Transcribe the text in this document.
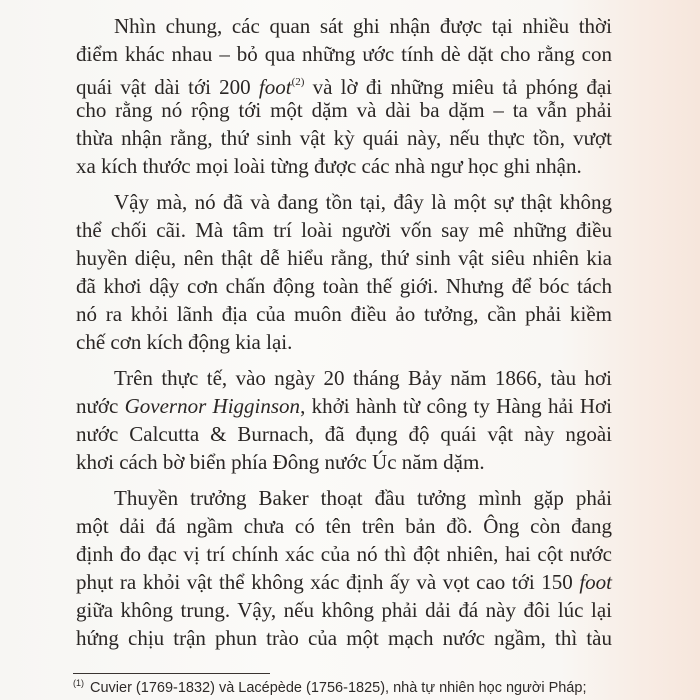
Nhìn chung, các quan sát ghi nhận được tại nhiều thời
điểm khác nhau – bỏ qua những ước tính dè dặt cho rằng con
quái vật dài tới 200 foot$^{(2)}$ và lờ đi những miêu tả phóng đại
cho rằng nó rộng tới một dặm và dài ba dặm – ta vẫn phải
thừa nhận rằng, thứ sinh vật kỳ quái này, nếu thực tồn, vượt
xa kích thước mọi loài từng được các nhà ngư học ghi nhận.
Vậy mà, nó đã và đang tồn tại, đây là một sự thật không
thể chối cãi. Mà tâm trí loài người vốn say mê những điều
huyền diệu, nên thật dễ hiểu rằng, thứ sinh vật siêu nhiên kia
đã khơi dậy cơn chấn động toàn thế giới. Nhưng để bóc tách
nó ra khỏi lãnh địa của muôn điều ảo tưởng, cần phải kiềm
chế cơn kích động kia lại.
Trên thực tế, vào ngày 20 tháng Bảy năm 1866, tàu hơi
nước Governor Higginson, khởi hành từ công ty Hàng hải Hơi
nước Calcutta & Burnach, đã đụng độ quái vật này ngoài
khơi cách bờ biển phía Đông nước Úc năm dặm.
Thuyền trưởng Baker thoạt đầu tưởng mình gặp phải
một dải đá ngầm chưa có tên trên bản đồ. Ông còn đang
định đo đạc vị trí chính xác của nó thì đột nhiên, hai cột nước
phụt ra khỏi vật thể không xác định ấy và vọt cao tới 150 foot
giữa không trung. Vậy, nếu không phải dải đá này đôi lúc lại
hứng chịu trận phun trào của một mạch nước ngầm, thì tàu
$^{(1)}$ Cuvier (1769-1832) và Lacépède (1756-1825), nhà tự nhiên học người Pháp;
